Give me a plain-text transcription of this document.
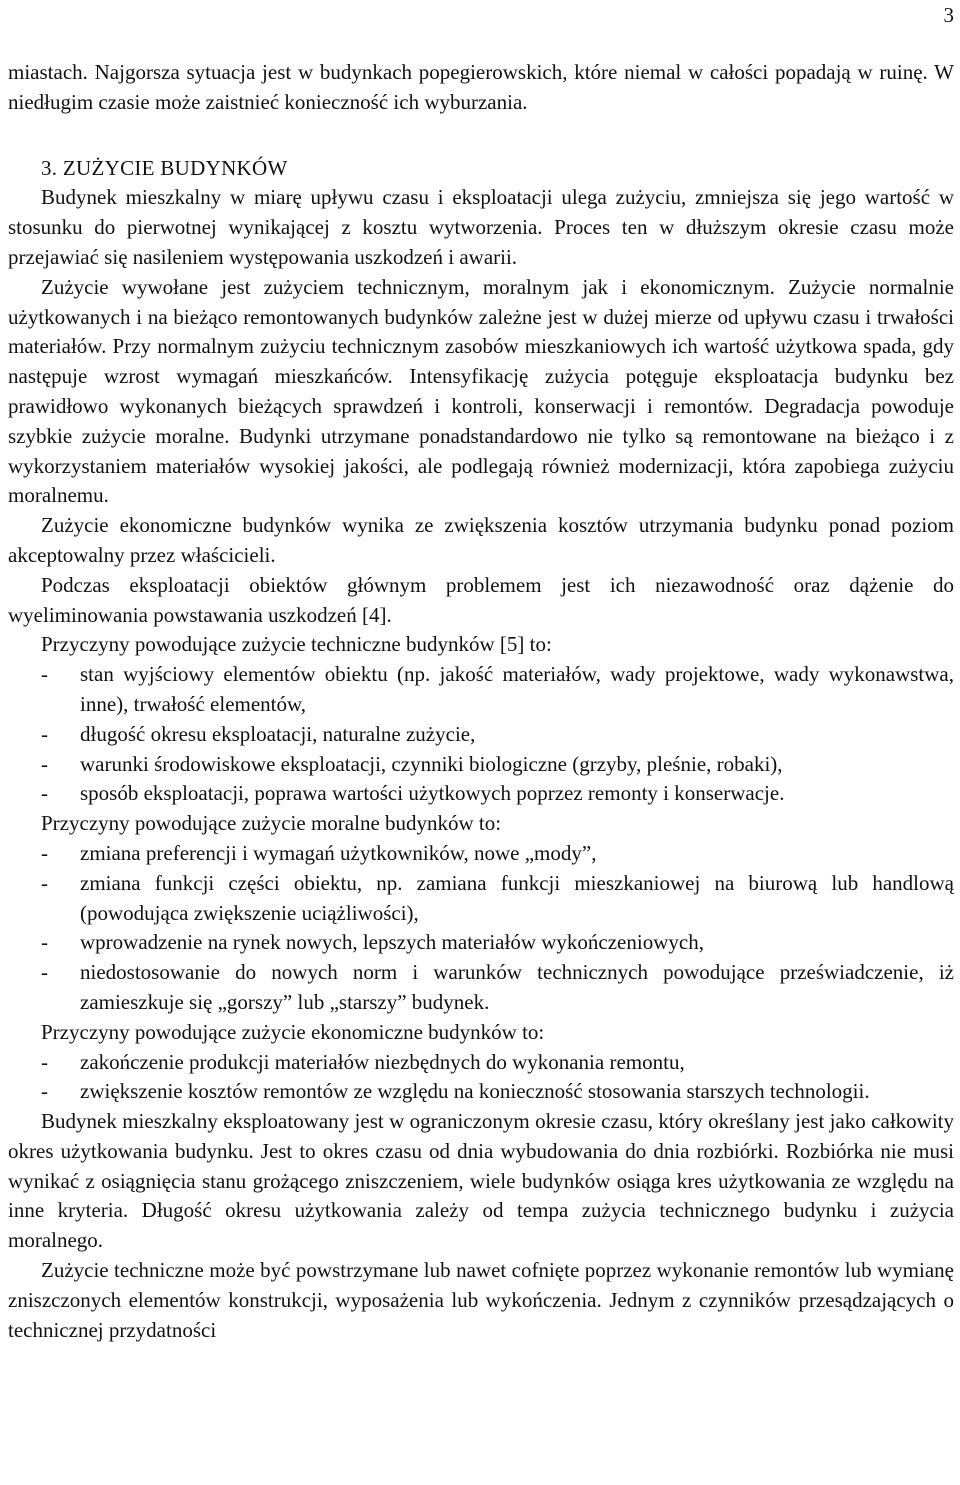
3

miastach. Najgorsza sytuacja jest w budynkach popegierowskich, które niemal w całości popadają w ruinę. W niedługim czasie może zaistnieć konieczność ich wyburzania.

3. ZUŻYCIE BUDYNKÓW

Budynek mieszkalny w miarę upływu czasu i eksploatacji ulega zużyciu, zmniejsza się jego wartość w stosunku do pierwotnej wynikającej z kosztu wytworzenia. Proces ten w dłuższym okresie czasu może przejawiać się nasileniem występowania uszkodzeń i awarii.

Zużycie wywołane jest zużyciem technicznym, moralnym jak i ekonomicznym. Zużycie normalnie użytkowanych i na bieżąco remontowanych budynków zależne jest w dużej mierze od upływu czasu i trwałości materiałów. Przy normalnym zużyciu technicznym zasobów mieszkaniowych ich wartość użytkowa spada, gdy następuje wzrost wymagań mieszkańców. Intensyfikację zużycia potęguje eksploatacja budynku bez prawidłowo wykonanych bieżących sprawdzeń i kontroli, konserwacji i remontów. Degradacja powoduje szybkie zużycie moralne. Budynki utrzymane ponadstandardowo nie tylko są remontowane na bieżąco i z wykorzystaniem materiałów wysokiej jakości, ale podlegają również modernizacji, która zapobiega zużyciu moralnemu.

Zużycie ekonomiczne budynków wynika ze zwiększenia kosztów utrzymania budynku ponad poziom akceptowalny przez właścicieli.

Podczas eksploatacji obiektów głównym problemem jest ich niezawodność oraz dążenie do wyeliminowania powstawania uszkodzeń [4].

Przyczyny powodujące zużycie techniczne budynków [5] to:

- stan wyjściowy elementów obiektu (np. jakość materiałów, wady projektowe, wady wykonawstwa, inne), trwałość elementów,
- długość okresu eksploatacji, naturalne zużycie,
- warunki środowiskowe eksploatacji, czynniki biologiczne (grzyby, pleśnie, robaki),
- sposób eksploatacji, poprawa wartości użytkowych poprzez remonty i konserwacje.

Przyczyny powodujące zużycie moralne budynków to:

- zmiana preferencji i wymagań użytkowników, nowe „mody”,
- zmiana funkcji części obiektu, np. zamiana funkcji mieszkaniowej na biurową lub handlową (powodująca zwiększenie uciążliwości),
- wprowadzenie na rynek nowych, lepszych materiałów wykończeniowych,
- niedostosowanie do nowych norm i warunków technicznych powodujące przeświadczenie, iż zamieszkuje się „gorszy” lub „starszy” budynek.

Przyczyny powodujące zużycie ekonomiczne budynków to:

- zakończenie produkcji materiałów niezbędnych do wykonania remontu,
- zwiększenie kosztów remontów ze względu na konieczność stosowania starszych technologii.

Budynek mieszkalny eksploatowany jest w ograniczonym okresie czasu, który określany jest jako całkowity okres użytkowania budynku. Jest to okres czasu od dnia wybudowania do dnia rozbiórki. Rozbiórka nie musi wynikać z osiągnięcia stanu grożącego zniszczeniem, wiele budynków osiąga kres użytkowania ze względu na inne kryteria. Długość okresu użytkowania zależy od tempa zużycia technicznego budynku i zużycia moralnego.

Zużycie techniczne może być powstrzymane lub nawet cofnięte poprzez wykonanie remontów lub wymianę zniszczonych elementów konstrukcji, wyposażenia lub wykończenia. Jednym z czynników przesądzających o technicznej przydatności
